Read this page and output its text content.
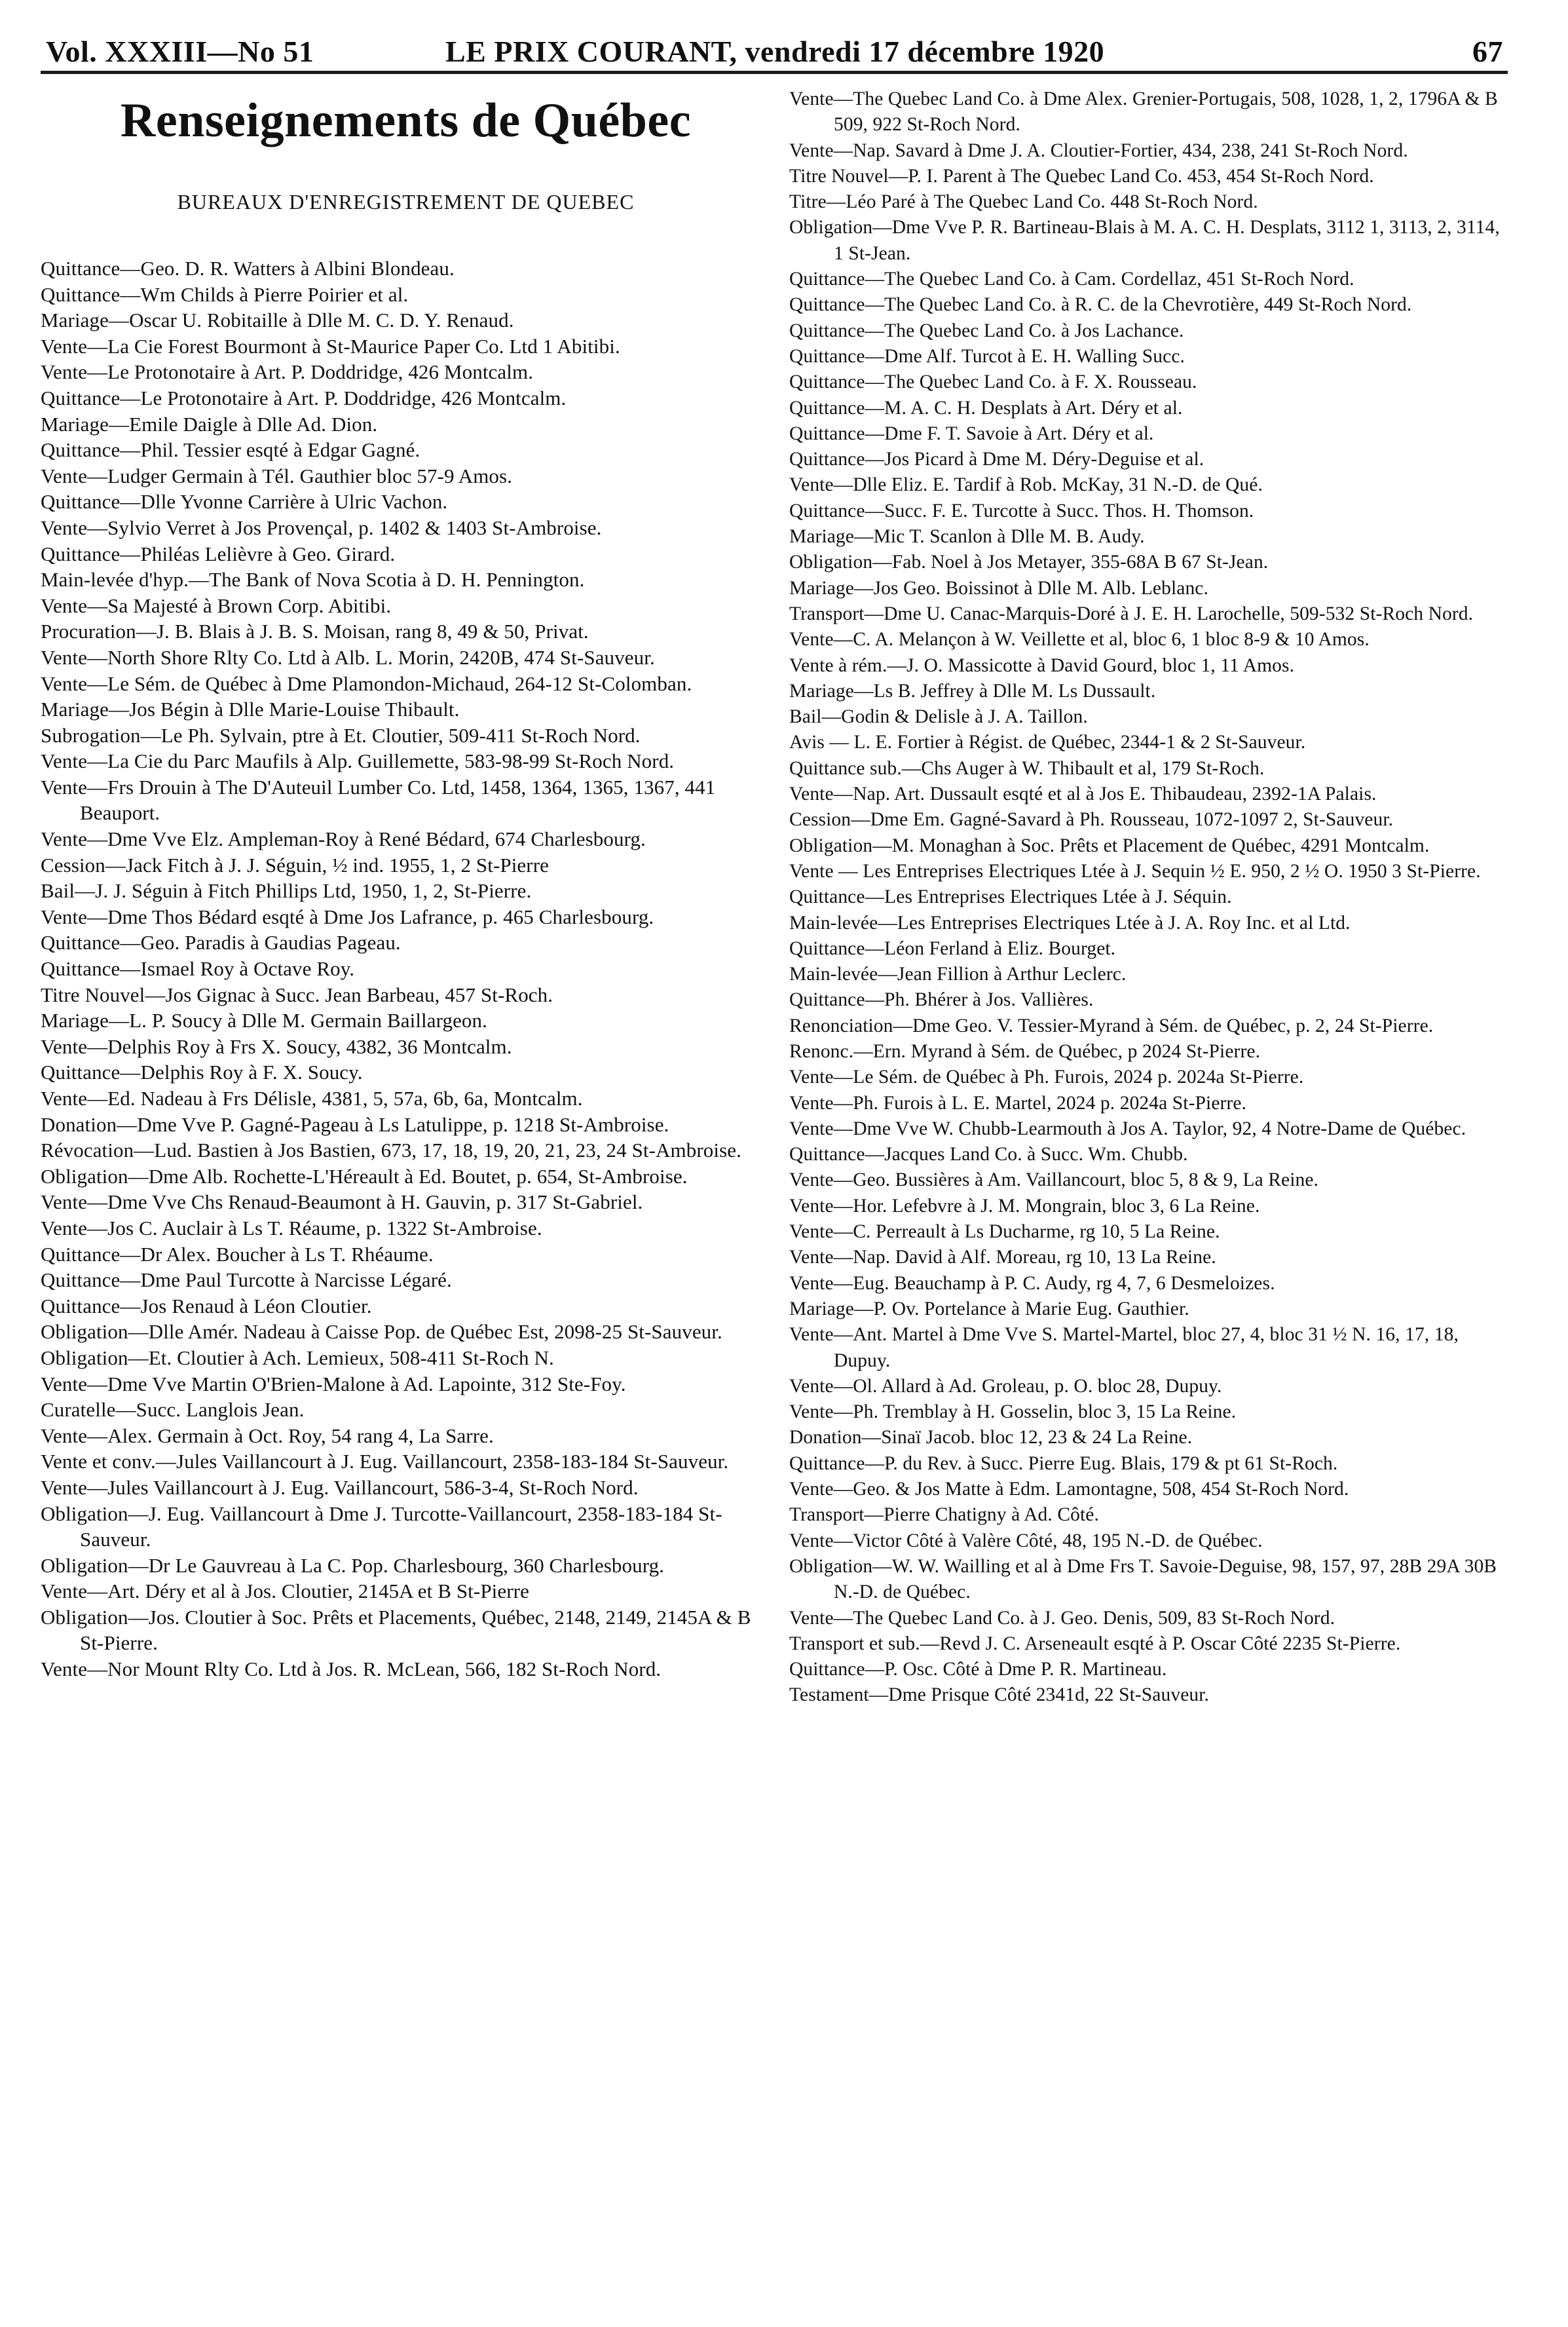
Vol. XXXIII—No 51	LE PRIX COURANT, vendredi 17 décembre 1920	67
Renseignements de Québec
BUREAUX D'ENREGISTREMENT DE QUEBEC
Quittance—Geo. D. R. Watters à Albini Blondeau.
Quittance—Wm Childs à Pierre Poirier et al.
Mariage—Oscar U. Robitaille à Dlle M. C. D. Y. Renaud.
Vente—La Cie Forest Bourmont à St-Maurice Paper Co. Ltd 1 Abitibi.
Vente—Le Protonotaire à Art. P. Doddridge, 426 Montcalm.
Quittance—Le Protonotaire à Art. P. Doddridge, 426 Montcalm.
Mariage—Emile Daigle à Dlle Ad. Dion.
Quittance—Phil. Tessier esqté à Edgar Gagné.
Vente—Ludger Germain à Tél. Gauthier bloc 57-9 Amos.
Quittance—Dlle Yvonne Carrière à Ulric Vachon.
Vente—Sylvio Verret à Jos Provençal, p. 1402 & 1403 St-Ambroise.
Quittance—Philéas Lelièvre à Geo. Girard.
Main-levée d'hyp.—The Bank of Nova Scotia à D. H. Pennington.
Vente—Sa Majesté à Brown Corp. Abitibi.
Procuration—J. B. Blais à J. B. S. Moisan, rang 8, 49 & 50, Privat.
Vente—North Shore Rlty Co. Ltd à Alb. L. Morin, 2420B, 474 St-Sauveur.
Vente—Le Sém. de Québec à Dme Plamondon-Michaud, 264-12 St-Colomban.
Mariage—Jos Bégin à Dlle Marie-Louise Thibault.
Subrogation—Le Ph. Sylvain, ptre à Et. Cloutier, 509-411 St-Roch Nord.
Vente—La Cie du Parc Maufils à Alp. Guillemette, 583-98-99 St-Roch Nord.
Vente—Frs Drouin à The D'Auteuil Lumber Co. Ltd, 1458, 1364, 1365, 1367, 441 Beauport.
Vente—Dme Vve Elz. Ampleman-Roy à René Bédard, 674 Charlesbourg.
Cession—Jack Fitch à J. J. Séguin, ½ ind. 1955, 1, 2 St-Pierre
Bail—J. J. Séguin à Fitch Phillips Ltd, 1950, 1, 2, St-Pierre.
Vente—Dme Thos Bédard esqté à Dme Jos Lafrance, p. 465 Charlesbourg.
Quittance—Geo. Paradis à Gaudias Pageau.
Quittance—Ismael Roy à Octave Roy.
Titre Nouvel—Jos Gignac à Succ. Jean Barbeau, 457 St-Roch.
Mariage—L. P. Soucy à Dlle M. Germain Baillargeon.
Vente—Delphis Roy à Frs X. Soucy, 4382, 36 Montcalm.
Quittance—Delphis Roy à F. X. Soucy.
Vente—Ed. Nadeau à Frs Délisle, 4381, 5, 57a, 6b, 6a, Montcalm.
Donation—Dme Vve P. Gagné-Pageau à Ls Latulippe, p. 1218 St-Ambroise.
Révocation—Lud. Bastien à Jos Bastien, 673, 17, 18, 19, 20, 21, 23, 24 St-Ambroise.
Obligation—Dme Alb. Rochette-L'Héreault à Ed. Boutet, p. 654, St-Ambroise.
Vente—Dme Vve Chs Renaud-Beaumont à H. Gauvin, p. 317 St-Gabriel.
Vente—Jos C. Auclair à Ls T. Réaume, p. 1322 St-Ambroise.
Quittance—Dr Alex. Boucher à Ls T. Rhéaume.
Quittance—Dme Paul Turcotte à Narcisse Légaré.
Quittance—Jos Renaud à Léon Cloutier.
Obligation—Dlle Amér. Nadeau à Caisse Pop. de Québec Est, 2098-25 St-Sauveur.
Obligation—Et. Cloutier à Ach. Lemieux, 508-411 St-Roch N.
Vente—Dme Vve Martin O'Brien-Malone à Ad. Lapointe, 312 Ste-Foy.
Curatelle—Succ. Langlois Jean.
Vente—Alex. Germain à Oct. Roy, 54 rang 4, La Sarre.
Vente et conv.—Jules Vaillancourt à J. Eug. Vaillancourt, 2358-183-184 St-Sauveur.
Vente—Jules Vaillancourt à J. Eug. Vaillancourt, 586-3-4, St-Roch Nord.
Obligation—J. Eug. Vaillancourt à Dme J. Turcotte-Vaillancourt, 2358-183-184 St-Sauveur.
Obligation—Dr Le Gauvreau à La C. Pop. Charlesbourg, 360 Charlesbourg.
Vente—Art. Déry et al à Jos. Cloutier, 2145A et B St-Pierre
Obligation—Jos. Cloutier à Soc. Prêts et Placements, Québec, 2148, 2149, 2145A & B St-Pierre.
Vente—Nor Mount Rlty Co. Ltd à Jos. R. McLean, 566, 182 St-Roch Nord.
Vente—The Quebec Land Co. à Dme Alex. Grenier-Portugais, 508, 1028, 1, 2, 1796A & B 509, 922 St-Roch Nord.
Vente—Nap. Savard à Dme J. A. Cloutier-Fortier, 434, 238, 241 St-Roch Nord.
Titre Nouvel—P. I. Parent à The Quebec Land Co. 453, 454 St-Roch Nord.
Titre—Léo Paré à The Quebec Land Co. 448 St-Roch Nord.
Obligation—Dme Vve P. R. Bartineau-Blais à M. A. C. H. Desplats, 3112 1, 3113, 2, 3114, 1 St-Jean.
Quittance—The Quebec Land Co. à Cam. Cordellaz, 451 St-Roch Nord.
Quittance—The Quebec Land Co. à R. C. de la Chevrotière, 449 St-Roch Nord.
Quittance—The Quebec Land Co. à Jos Lachance.
Quittance—Dme Alf. Turcot à E. H. Walling Succ.
Quittance—The Quebec Land Co. à F. X. Rousseau.
Quittance—M. A. C. H. Desplats à Art. Déry et al.
Quittance—Dme F. T. Savoie à Art. Déry et al.
Quittance—Jos Picard à Dme M. Déry-Deguise et al.
Vente—Dlle Eliz. E. Tardif à Rob. McKay, 31 N.-D. de Qué.
Quittance—Succ. F. E. Turcotte à Succ. Thos. H. Thomson.
Mariage—Mic T. Scanlon à Dlle M. B. Audy.
Obligation—Fab. Noel à Jos Metayer, 355-68A B 67 St-Jean.
Mariage—Jos Geo. Boissinot à Dlle M. Alb. Leblanc.
Transport—Dme U. Canac-Marquis-Doré à J. E. H. Larochelle, 509-532 St-Roch Nord.
Vente—C. A. Melançon à W. Veillette et al, bloc 6, 1 bloc 8-9 & 10 Amos.
Vente à rém.—J. O. Massicotte à David Gourd, bloc 1, 11 Amos.
Mariage—Ls B. Jeffrey à Dlle M. Ls Dussault.
Bail—Godin & Delisle à J. A. Taillon.
Avis — L. E. Fortier à Régist. de Québec, 2344-1 & 2 St-Sauveur.
Quittance sub.—Chs Auger à W. Thibault et al, 179 St-Roch.
Vente—Nap. Art. Dussault esqté et al à Jos E. Thibaudeau, 2392-1A Palais.
Cession—Dme Em. Gagné-Savard à Ph. Rousseau, 1072-1097 2, St-Sauveur.
Obligation—M. Monaghan à Soc. Prêts et Placement de Québec, 4291 Montcalm.
Vente — Les Entreprises Electriques Ltée à J. Sequin ½ E. 950, 2 ½ O. 1950 3 St-Pierre.
Quittance—Les Entreprises Electriques Ltée à J. Séquin.
Main-levée—Les Entreprises Electriques Ltée à J. A. Roy Inc. et al Ltd.
Quittance—Léon Ferland à Eliz. Bourget.
Main-levée—Jean Fillion à Arthur Leclerc.
Quittance—Ph. Bhérer à Jos. Vallières.
Renonciation—Dme Geo. V. Tessier-Myrand à Sém. de Québec, p. 2, 24 St-Pierre.
Renonc.—Ern. Myrand à Sém. de Québec, p 2024 St-Pierre.
Vente—Le Sém. de Québec à Ph. Furois, 2024 p. 2024a St-Pierre.
Vente—Ph. Furois à L. E. Martel, 2024 p. 2024a St-Pierre.
Vente—Dme Vve W. Chubb-Learmouth à Jos A. Taylor, 92, 4 Notre-Dame de Québec.
Quittance—Jacques Land Co. à Succ. Wm. Chubb.
Vente—Geo. Bussières à Am. Vaillancourt, bloc 5, 8 & 9, La Reine.
Vente—Hor. Lefebvre à J. M. Mongrain, bloc 3, 6 La Reine.
Vente—C. Perreault à Ls Ducharme, rg 10, 5 La Reine.
Vente—Nap. David à Alf. Moreau, rg 10, 13 La Reine.
Vente—Eug. Beauchamp à P. C. Audy, rg 4, 7, 6 Desmeloizes.
Mariage—P. Ov. Portelance à Marie Eug. Gauthier.
Vente—Ant. Martel à Dme Vve S. Martel-Martel, bloc 27, 4, bloc 31 ½ N. 16, 17, 18, Dupuy.
Vente—Ol. Allard à Ad. Groleau, p. O. bloc 28, Dupuy.
Vente—Ph. Tremblay à H. Gosselin, bloc 3, 15 La Reine.
Donation—Sinaï Jacob. bloc 12, 23 & 24 La Reine.
Quittance—P. du Rev. à Succ. Pierre Eug. Blais, 179 & pt 61 St-Roch.
Vente—Geo. & Jos Matte à Edm. Lamontagne, 508, 454 St-Roch Nord.
Transport—Pierre Chatigny à Ad. Côté.
Vente—Victor Côté à Valère Côté, 48, 195 N.-D. de Québec.
Obligation—W. W. Wailling et al à Dme Frs T. Savoie-Deguise, 98, 157, 97, 28B 29A 30B N.-D. de Québec.
Vente—The Quebec Land Co. à J. Geo. Denis, 509, 83 St-Roch Nord.
Transport et sub.—Revd J. C. Arseneault esqté à P. Oscar Côté 2235 St-Pierre.
Quittance—P. Osc. Côté à Dme P. R. Martineau.
Testament—Dme Prisque Côté 2341d, 22 St-Sauveur.
